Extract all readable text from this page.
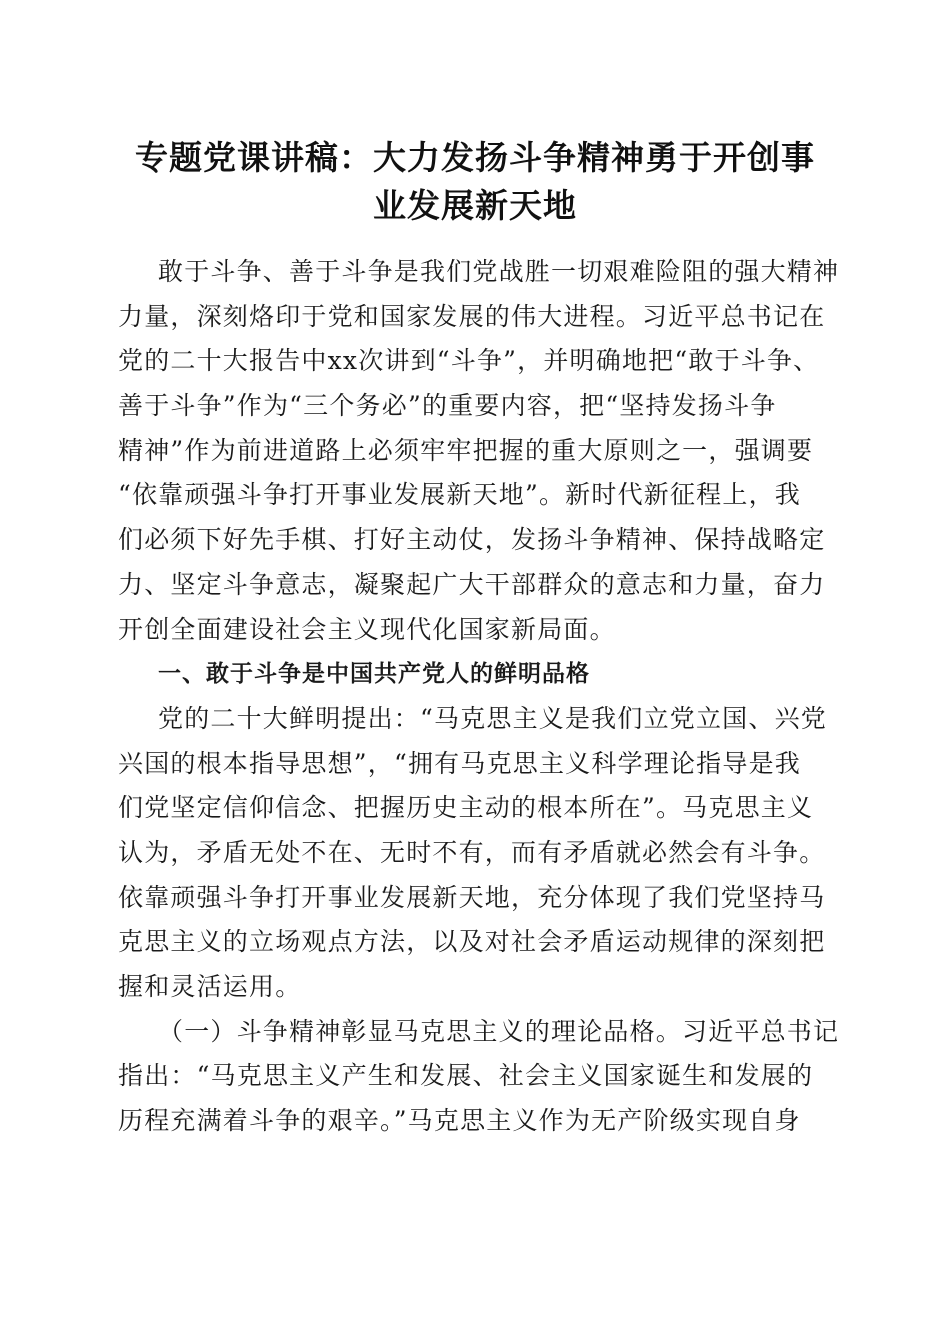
专题党课讲稿：大力发扬斗争精神勇于开创事
业发展新天地
敢于斗争、善于斗争是我们党战胜一切艰难险阻的强大精神
力量，深刻烙印于党和国家发展的伟大进程。习近平总书记在
党的二十大报告中xx次讲到“斗争”，并明确地把“敢于斗争、
善于斗争”作为“三个务必”的重要内容，把“坚持发扬斗争
精神”作为前进道路上必须牢牢把握的重大原则之一，强调要
“依靠顽强斗争打开事业发展新天地”。新时代新征程上，我
们必须下好先手棋、打好主动仗，发扬斗争精神、保持战略定
力、坚定斗争意志，凝聚起广大干部群众的意志和力量，奋力
开创全面建设社会主义现代化国家新局面。
一、敢于斗争是中国共产党人的鲜明品格
党的二十大鲜明提出：“马克思主义是我们立党立国、兴党
兴国的根本指导思想”，“拥有马克思主义科学理论指导是我
们党坚定信仰信念、把握历史主动的根本所在”。马克思主义
认为，矛盾无处不在、无时不有，而有矛盾就必然会有斗争。
依靠顽强斗争打开事业发展新天地，充分体现了我们党坚持马
克思主义的立场观点方法，以及对社会矛盾运动规律的深刻把
握和灵活运用。
（一）斗争精神彰显马克思主义的理论品格。习近平总书记
指出：“马克思主义产生和发展、社会主义国家诞生和发展的
历程充满着斗争的艰辛。”马克思主义作为无产阶级实现自身
